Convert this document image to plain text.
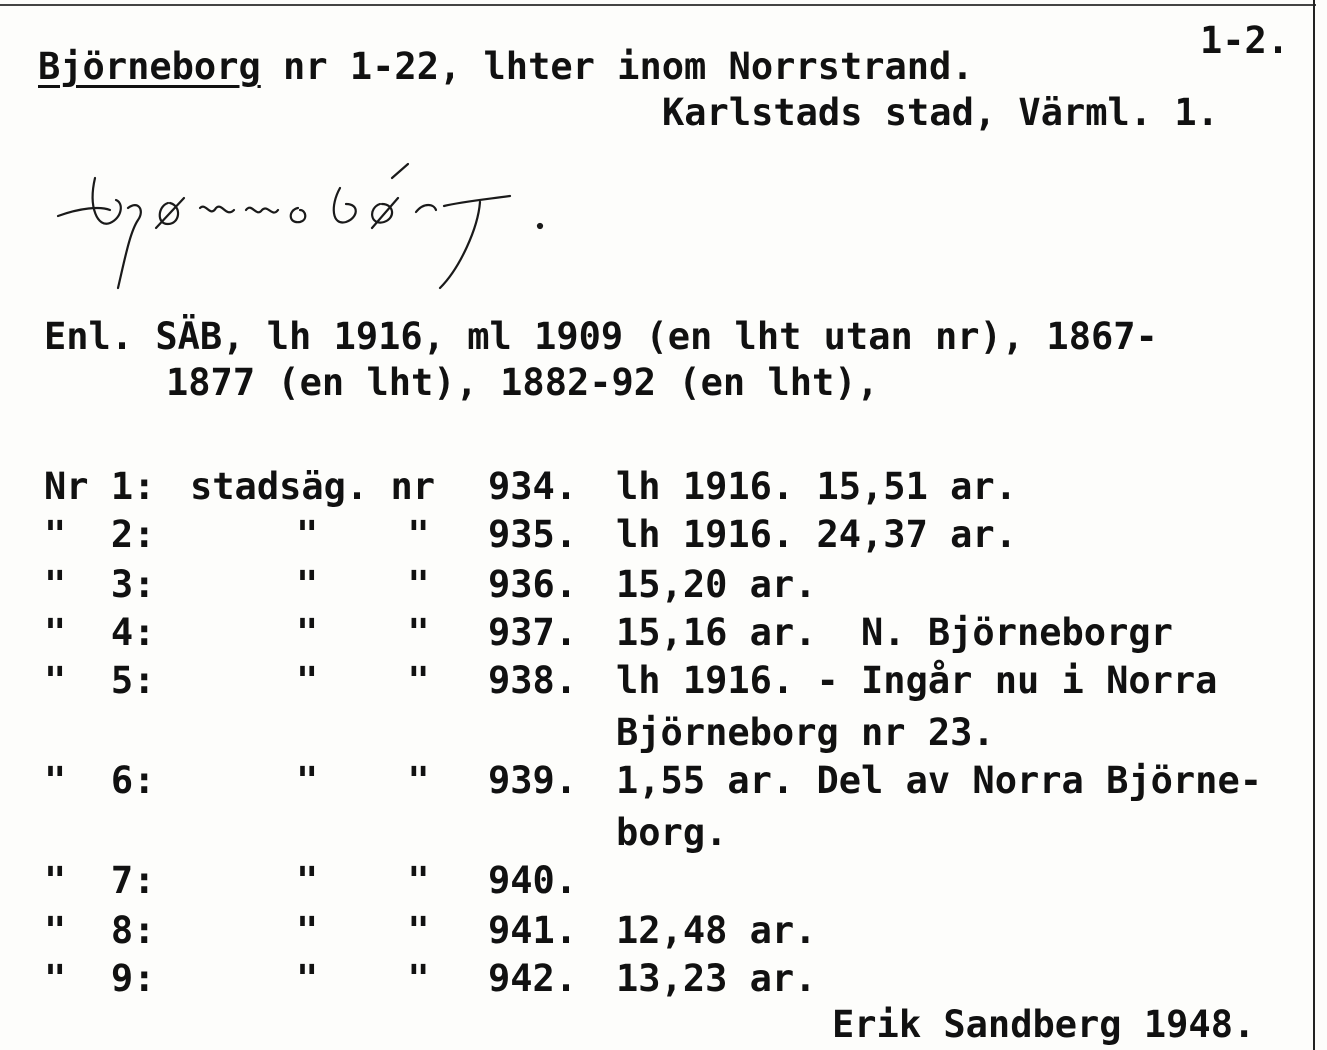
1-2.
Björneborg nr 1-22, lhter inom Norrstrand.
Karlstads stad, Värml. 1.
bjørnəbórj.
Enl. SÄB, lh 1916, ml 1909 (en lht utan nr), 1867-
1877 (en lht), 1882-92 (en lht),
Nr 1: stadsäg. nr 934. lh 1916. 15,51 ar.
"  2:	"    " 935. lh 1916. 24,37 ar.
"  3:	"    " 936. 15,20 ar.
"  4:	"    " 937. 15,16 ar.  N. Björneborgr
"  5:	"    " 938. lh 1916. - Ingår nu i Norra
Björneborg nr 23.
"  6:	"    " 939. 1,55 ar. Del av Norra Björne-
borg.
"  7:	"    " 940.
"  8:	"    " 941. 12,48 ar.
"  9:	"    " 942. 13,23 ar.
Erik Sandberg 1948.
